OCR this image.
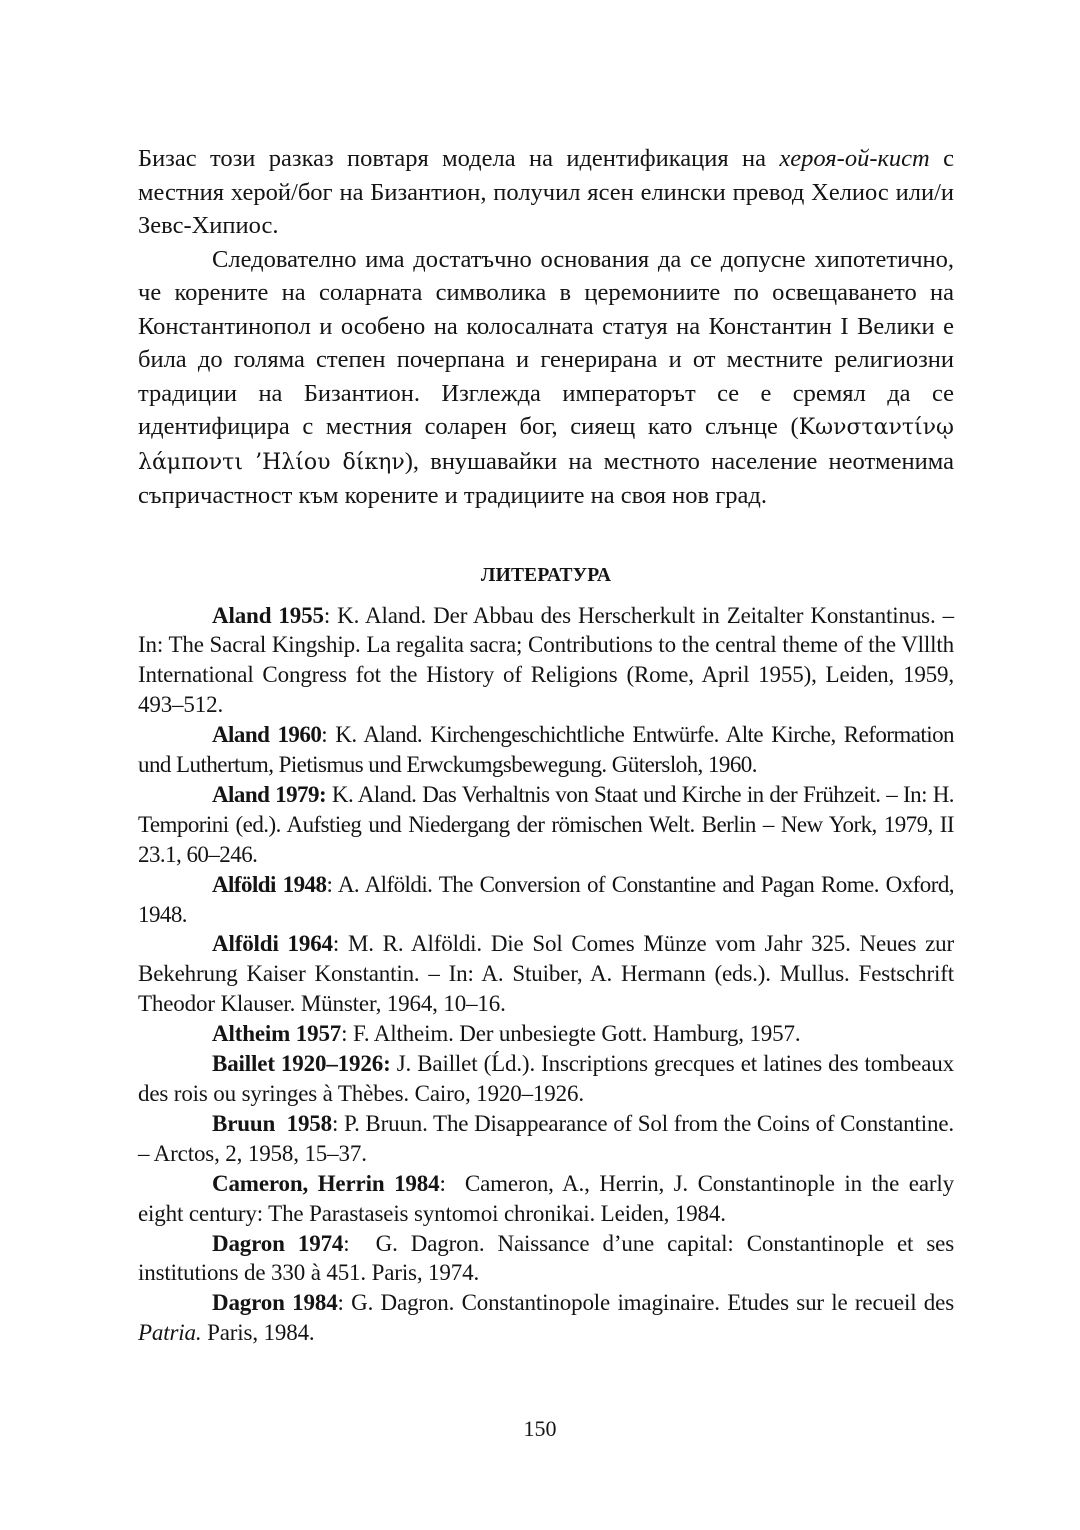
Бизас този разказ повтаря модела на идентификация на хероя-ой-кист с местния херой/бог на Бизантион, получил ясен елински превод Хелиос или/и Зевс-Хипиос.

Следователно има достатъчно основания да се допусне хипотетично, че корените на соларната символика в церемониите по освещаването на Константинопол и особено на колосалната статуя на Константин I Велики е била до голяма степен почерпана и генерирана и от местните религиозни традиции на Бизантион. Изглежда императорът се е сремял да се идентифицира с местния соларен бог, сияещ като слънце (Κωνσταντίνῳ λάμποντι ’Ηλίου δίκην), внушавайки на местното население неотменима съпричастност към корените и традициите на своя нов град.

ЛИТЕРАТУРА

Aland 1955: K. Aland. Der Abbau des Herscherkult in Zeitalter Konstantinus. – In: The Sacral Kingship. La regalita sacra; Contributions to the central theme of the Vlllth International Congress fot the History of Religions (Rome, April 1955), Leiden, 1959, 493–512.

Aland 1960: K. Aland. Kirchengeschichtliche Entwürfe. Alte Kirche, Reformation und Luthertum, Pietismus und Erwckumgsbewegung. Gütersloh, 1960.

Aland 1979: K. Aland. Das Verhaltnis von Staat und Kirche in der Frühzeit. – In: H. Temporini (ed.). Aufstieg und Niedergang der römischen Welt. Berlin – New York, 1979, II 23.1, 60–246.

Alföldi 1948: A. Alföldi. The Conversion of Constantine and Pagan Rome. Oxford, 1948.

Alföldi 1964: M. R. Alföldi. Die Sol Comes Münze vom Jahr 325. Neues zur Bekehrung Kaiser Konstantin. – In: A. Stuiber, A. Hermann (eds.). Mullus. Festschrift Theodor Klauser. Münster, 1964, 10–16.

Altheim 1957: F. Altheim. Der unbesiegte Gott. Hamburg, 1957.

Baillet 1920–1926: J. Baillet (Ĺd.). Inscriptions grecques et latines des tombeaux des rois ou syringes à Thèbes. Cairo, 1920–1926.

Bruun  1958: P. Bruun. The Disappearance of Sol from the Coins of Constantine. – Arctos, 2, 1958, 15–37.

Cameron, Herrin 1984:  Cameron, A., Herrin, J. Constantinople in the early eight century: The Parastaseis syntomoi chronikai. Leiden, 1984.

Dagron 1974:  G. Dagron. Naissance d’une capital: Constantinople et ses institutions de 330 à 451. Paris, 1974.

Dagron 1984: G. Dagron. Constantinopole imaginaire. Etudes sur le recueil des Patria. Paris, 1984.

150
